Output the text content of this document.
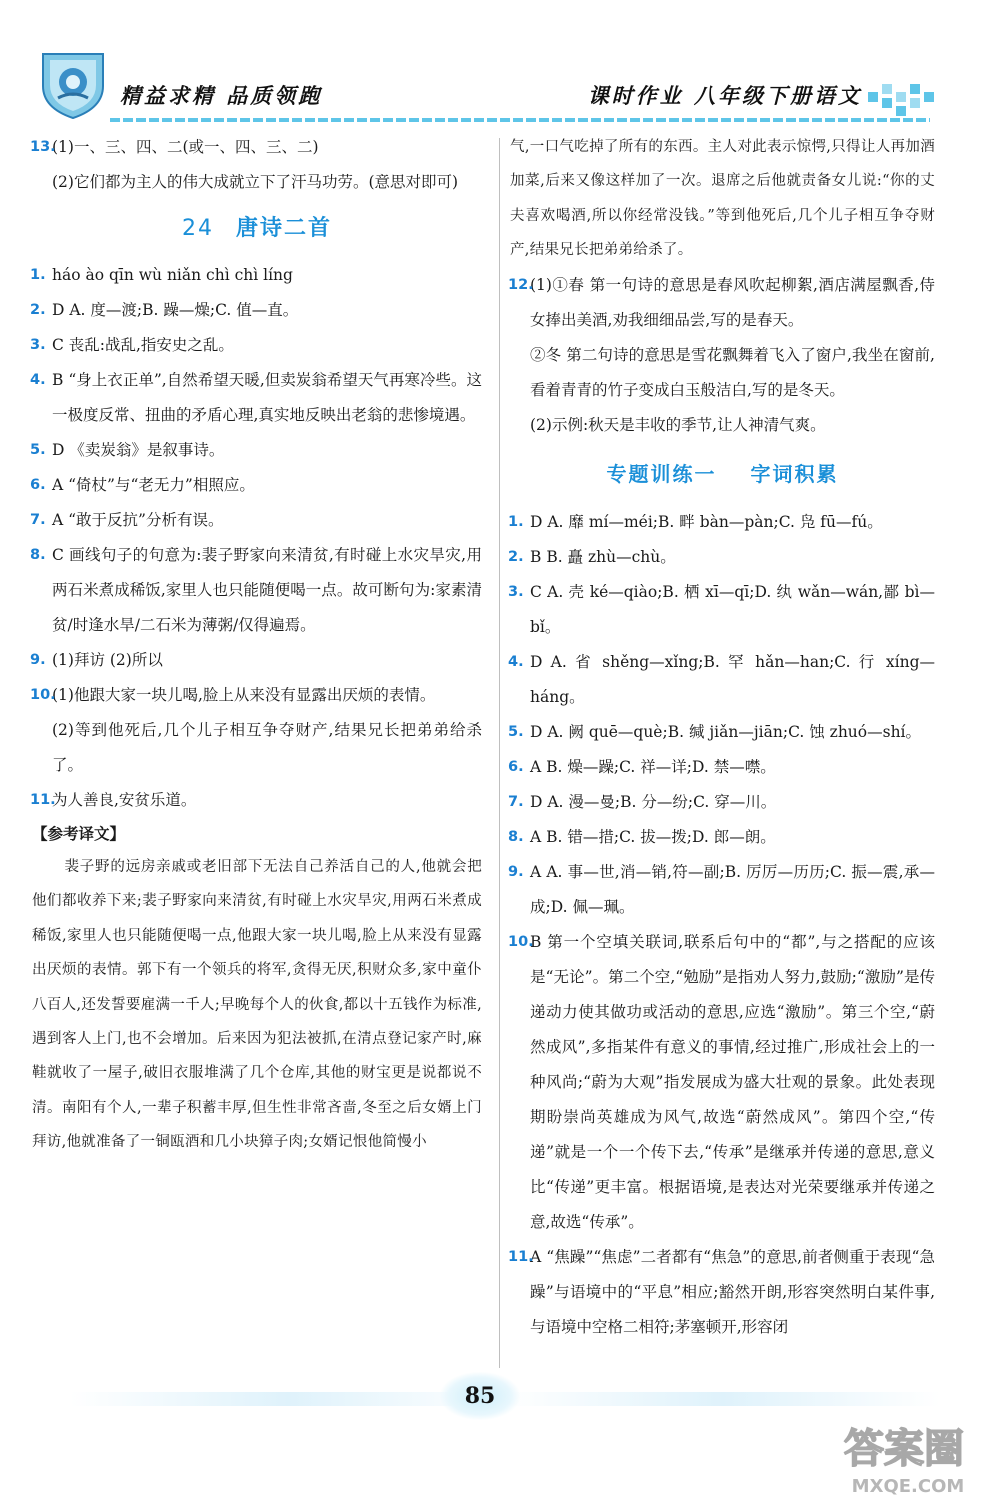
精益求精 品质领跑	课时作业 八年级下册语文
13.
(1)一、三、四、二(或一、四、三、二)
(2)它们都为主人的伟大成就立下了汗马功劳。(意思对即可)
24 唐诗二首
1. háo ào qīn wù niǎn chì chì líng
2. D A. 度—渡;B. 躁—燥;C. 值—直。
3. C 丧乱:战乱,指安史之乱。
4. B “身上衣正单”,自然希望天暖,但卖炭翁希望天气再寒冷些。这一极度反常、扭曲的矛盾心理,真实地反映出老翁的悲惨境遇。
5. D 《卖炭翁》是叙事诗。
6. A “倚杖”与“老无力”相照应。
7. A “敢于反抗”分析有误。
8. C 画线句子的句意为:裴子野家向来清贫,有时碰上水灾旱灾,用两石米煮成稀饭,家里人也只能随便喝一点。故可断句为:家素清贫/时逢水旱/二石米为薄粥/仅得遍焉。
9. (1)拜访 (2)所以
10.
(1)他跟大家一块儿喝,脸上从来没有显露出厌烦的表情。
(2)等到他死后,几个儿子相互争夺财产,结果兄长把弟弟给杀了。
11.
为人善良,安贫乐道。
【参考译文】
裴子野的远房亲戚或老旧部下无法自己养活自己的人,他就会把他们都收养下来;裴子野家向来清贫,有时碰上水灾旱灾,用两石米煮成稀饭,家里人也只能随便喝一点,他跟大家一块儿喝,脸上从来没有显露出厌烦的表情。郭下有一个领兵的将军,贪得无厌,积财众多,家中童仆八百人,还发誓要雇满一千人;早晚每个人的伙食,都以十五钱作为标准,遇到客人上门,也不会增加。后来因为犯法被抓,在清点登记家产时,麻鞋就收了一屋子,破旧衣服堆满了几个仓库,其他的财宝更是说都说不清。南阳有个人,一辈子积蓄丰厚,但生性非常吝啬,冬至之后女婿上门拜访,他就准备了一铜瓯酒和几小块獐子肉;女婿记恨他简慢小
气,一口气吃掉了所有的东西。主人对此表示惊愕,只得让人再加酒加菜,后来又像这样加了一次。退席之后他就责备女儿说:“你的丈夫喜欢喝酒,所以你经常没钱。”等到他死后,几个儿子相互争夺财产,结果兄长把弟弟给杀了。
12.
(1)①春 第一句诗的意思是春风吹起柳絮,酒店满屋飘香,侍女捧出美酒,劝我细细品尝,写的是春天。
②冬 第二句诗的意思是雪花飘舞着飞入了窗户,我坐在窗前,看着青青的竹子变成白玉般洁白,写的是冬天。
(2)示例:秋天是丰收的季节,让人神清气爽。
专题训练一 字词积累
1. D A. 靡 mí—méi;B. 畔 bàn—pàn;C. 凫 fū—fú。
2. B B. 矗 zhù—chù。
3. C A. 壳 ké—qiào;B. 栖 xī—qī;D. 纨 wǎn—wán,鄙 bì—bǐ。
4. D A. 省 shěng—xǐng;B. 罕 hǎn—han;C. 行 xíng—háng。
5. D A. 阙 quē—què;B. 缄 jiǎn—jiān;C. 蚀 zhuó—shí。
6. A B. 燥—躁;C. 祥—详;D. 禁—噤。
7. D A. 漫—曼;B. 分—纷;C. 穿—川。
8. A B. 错—措;C. 拔—拨;D. 郎—朗。
9. A A. 事—世,消—销,符—副;B. 厉厉—历历;C. 振—震,承—成;D. 佩—珮。
10.
B 第一个空填关联词,联系后句中的“都”,与之搭配的应该是“无论”。第二个空,“勉励”是指劝人努力,鼓励;“激励”是传递动力使其做功或活动的意思,应选“激励”。第三个空,“蔚然成风”,多指某件有意义的事情,经过推广,形成社会上的一种风尚;“蔚为大观”指发展成为盛大壮观的景象。此处表现期盼崇尚英雄成为风气,故选“蔚然成风”。第四个空,“传递”就是一个一个传下去,“传承”是继承并传递的意思,意义比“传递”更丰富。根据语境,是表达对光荣要继承并传递之意,故选“传承”。
11.
A “焦躁”“焦虑”二者都有“焦急”的意思,前者侧重于表现“急躁”与语境中的“平息”相应;豁然开朗,形容突然明白某件事,与语境中空格二相符;茅塞顿开,形容闭
85
答案圈
MXQE.COM
